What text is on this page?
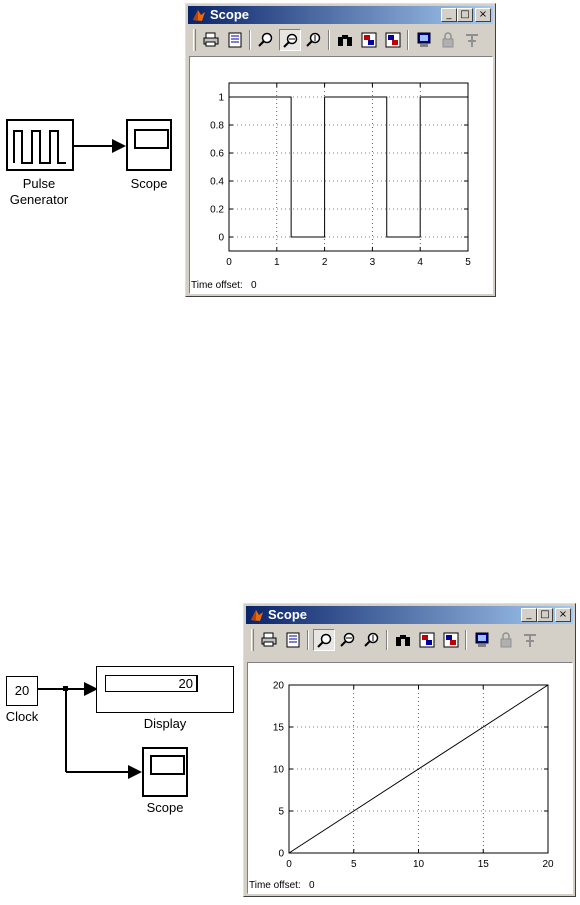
Pulse
Generator
Scope
Scope	_ □ ×
0	1	2	3	4	5
0
0.2
0.4
0.6
0.8
1
Time offset: 0
20
Clock
20
Display
Scope
Scope	_ □ ×
0	5	10	15	20
0
5
10
15
20
Time offset: 0
